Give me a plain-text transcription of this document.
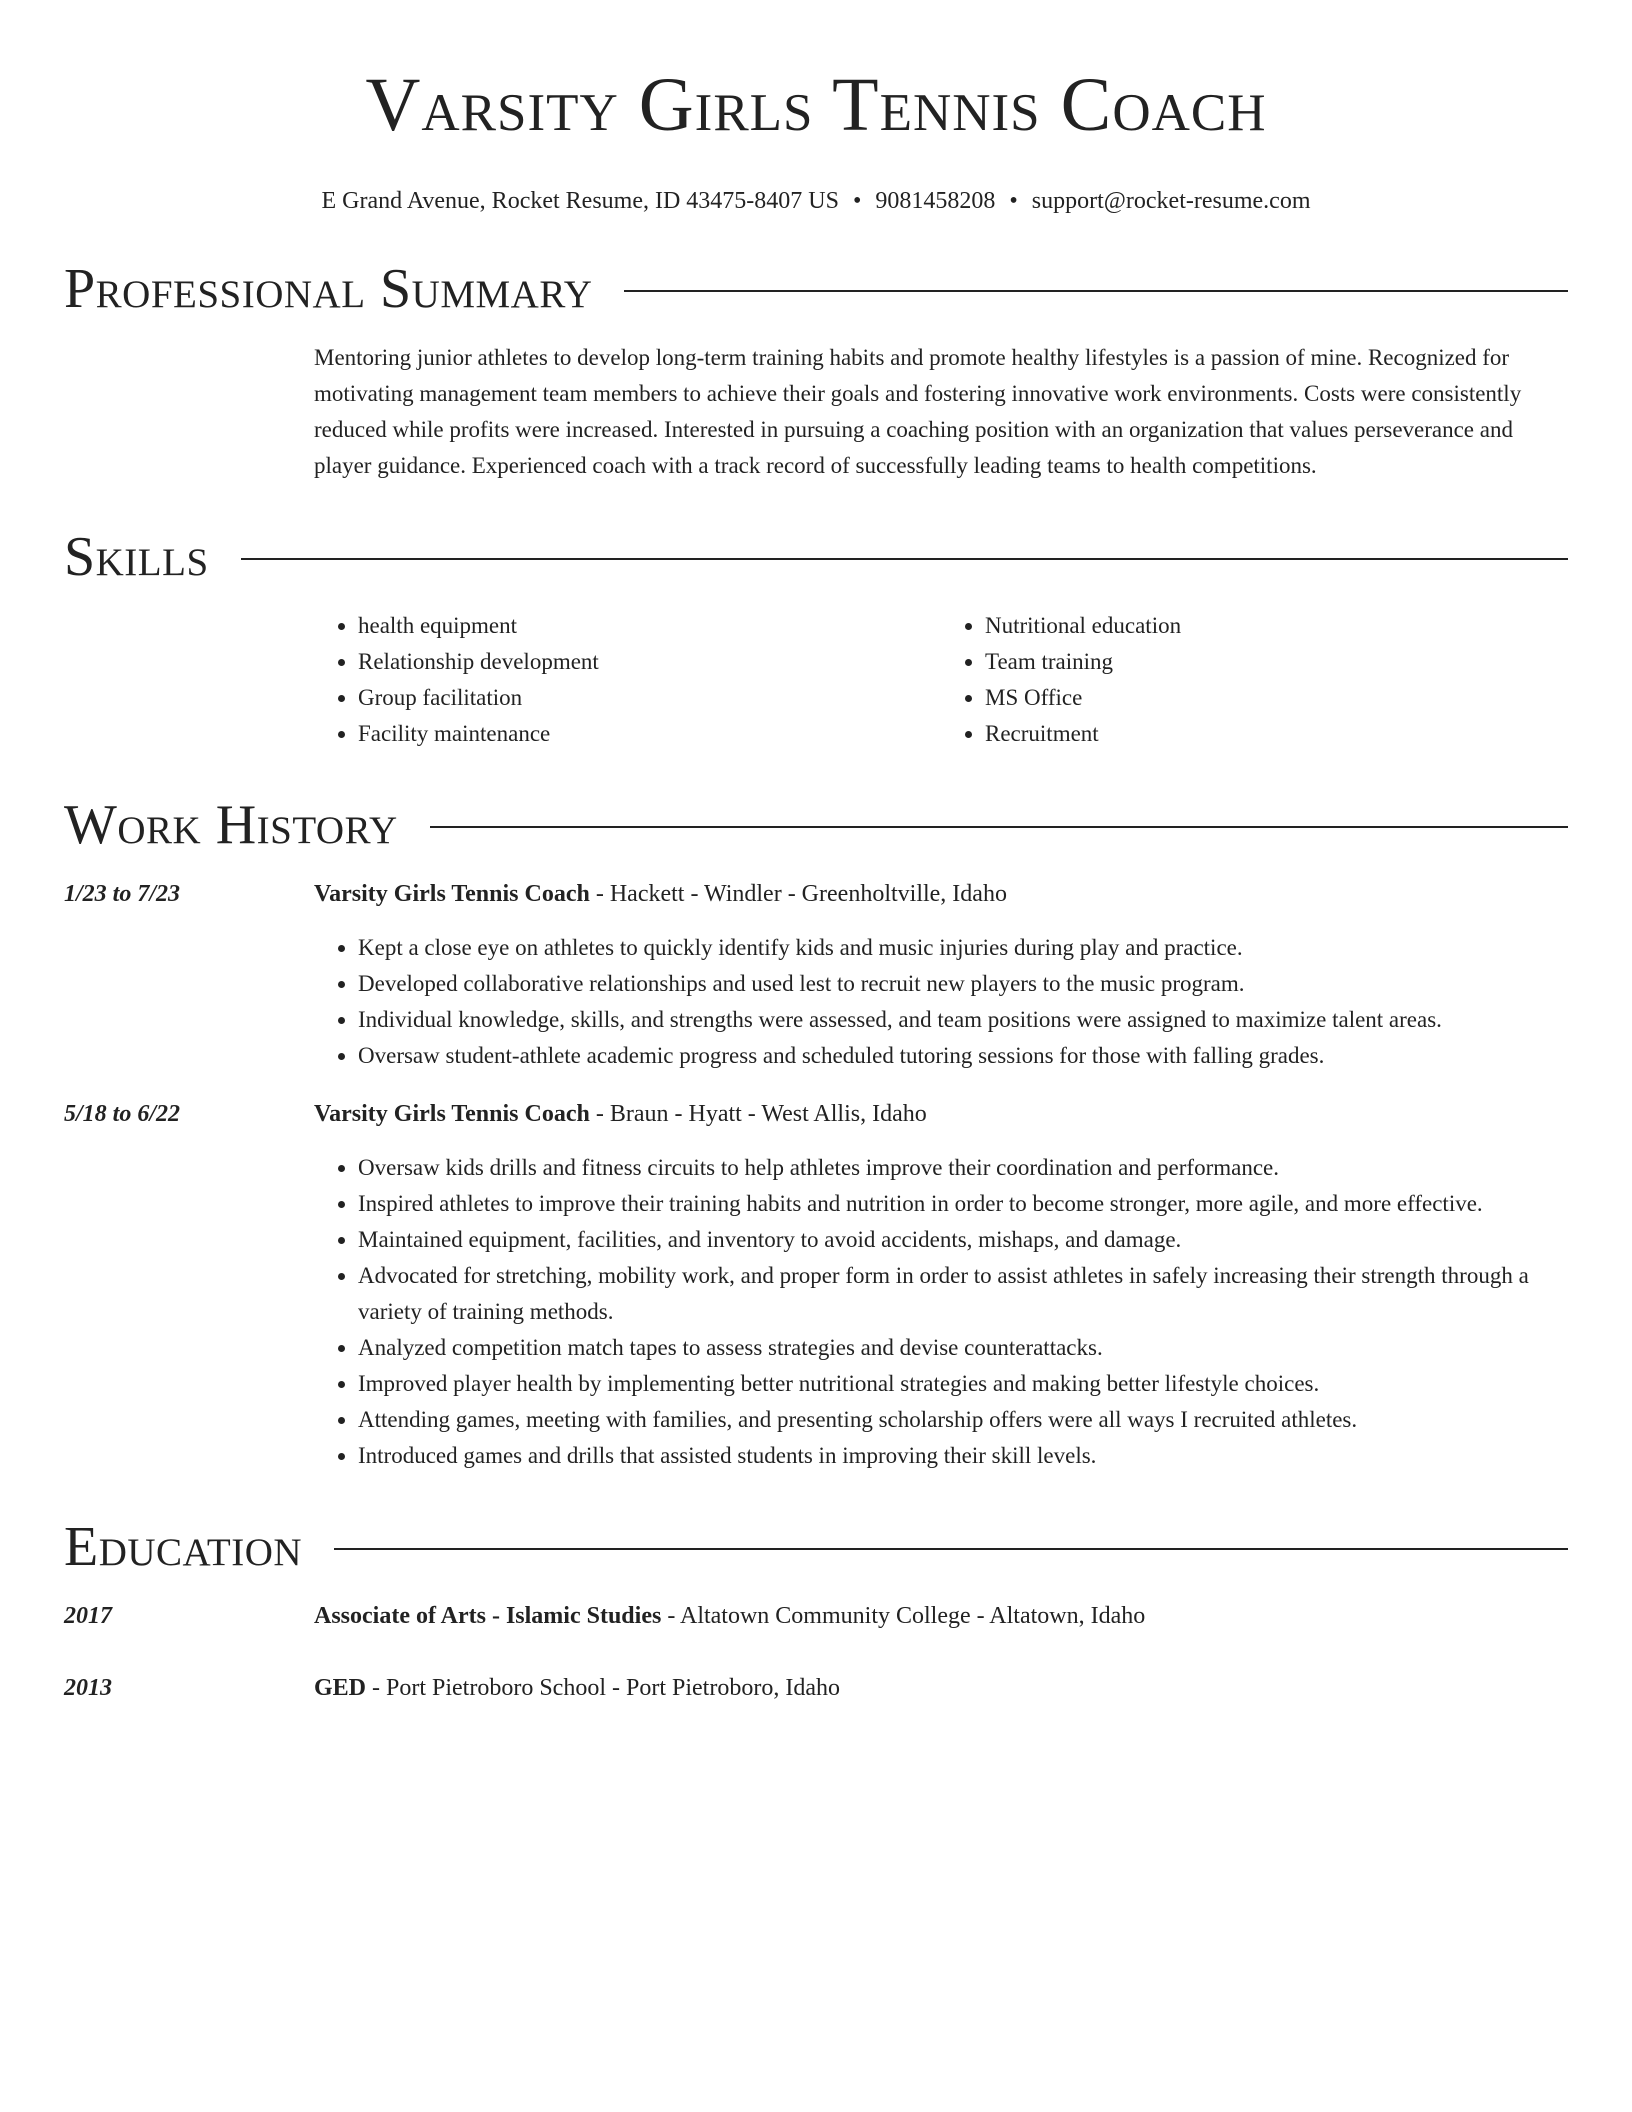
Varsity Girls Tennis Coach
E Grand Avenue, Rocket Resume, ID 43475-8407 US • 9081458208 • support@rocket-resume.com
Professional Summary
Mentoring junior athletes to develop long-term training habits and promote healthy lifestyles is a passion of mine. Recognized for motivating management team members to achieve their goals and fostering innovative work environments. Costs were consistently reduced while profits were increased. Interested in pursuing a coaching position with an organization that values perseverance and player guidance. Experienced coach with a track record of successfully leading teams to health competitions.
Skills
• health equipment
• Relationship development
• Group facilitation
• Facility maintenance
• Nutritional education
• Team training
• MS Office
• Recruitment
Work History
1/23 to 7/23	Varsity Girls Tennis Coach - Hackett - Windler - Greenholtville, Idaho
• Kept a close eye on athletes to quickly identify kids and music injuries during play and practice.
• Developed collaborative relationships and used lest to recruit new players to the music program.
• Individual knowledge, skills, and strengths were assessed, and team positions were assigned to maximize talent areas.
• Oversaw student-athlete academic progress and scheduled tutoring sessions for those with falling grades.
5/18 to 6/22	Varsity Girls Tennis Coach - Braun - Hyatt - West Allis, Idaho
• Oversaw kids drills and fitness circuits to help athletes improve their coordination and performance.
• Inspired athletes to improve their training habits and nutrition in order to become stronger, more agile, and more effective.
• Maintained equipment, facilities, and inventory to avoid accidents, mishaps, and damage.
• Advocated for stretching, mobility work, and proper form in order to assist athletes in safely increasing their strength through a variety of training methods.
• Analyzed competition match tapes to assess strategies and devise counterattacks.
• Improved player health by implementing better nutritional strategies and making better lifestyle choices.
• Attending games, meeting with families, and presenting scholarship offers were all ways I recruited athletes.
• Introduced games and drills that assisted students in improving their skill levels.
Education
2017	Associate of Arts - Islamic Studies - Altatown Community College - Altatown, Idaho
2013	GED - Port Pietroboro School - Port Pietroboro, Idaho
